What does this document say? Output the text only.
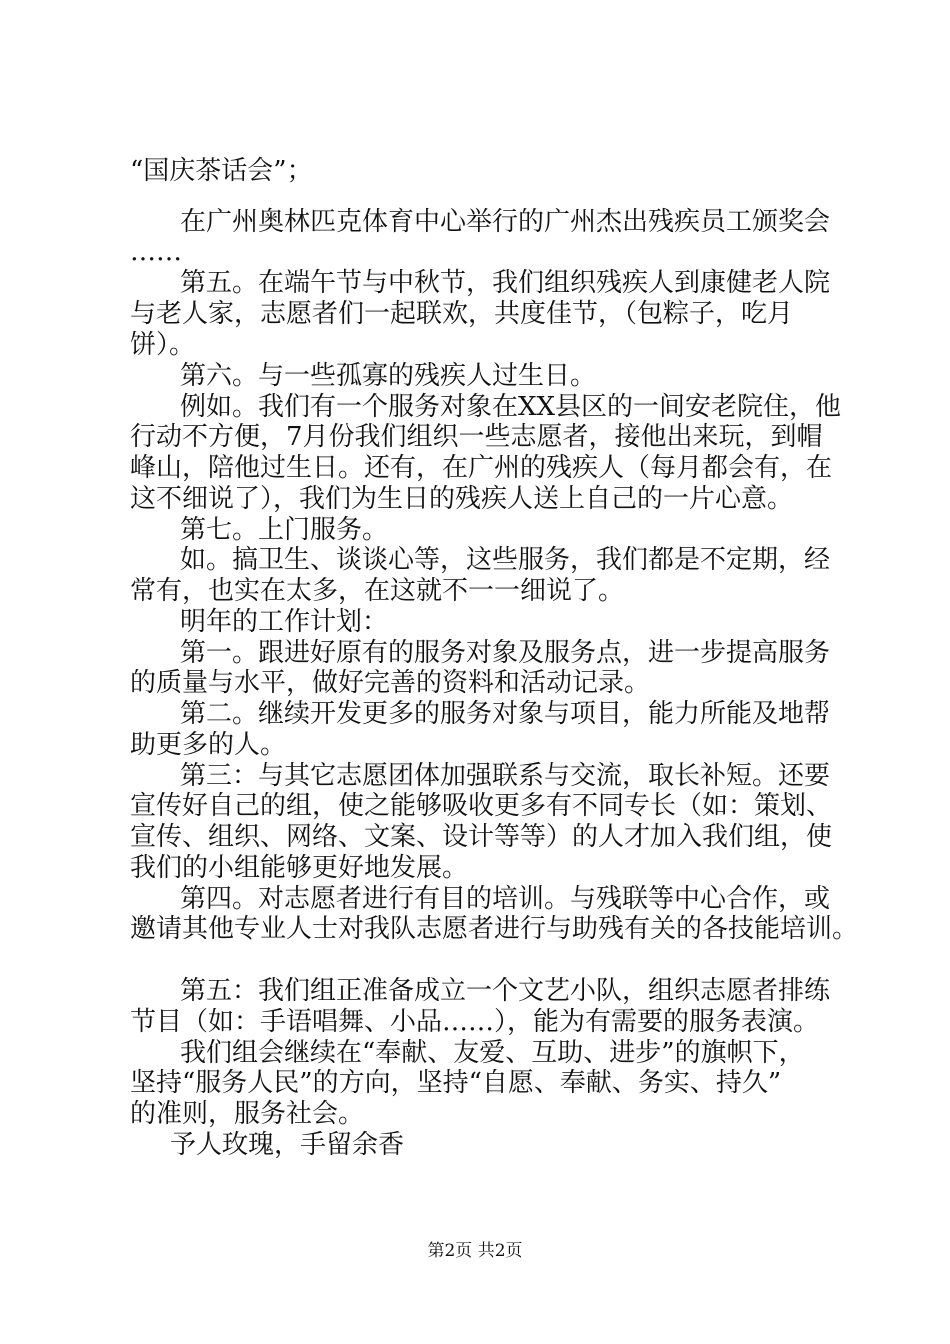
“国庆茶话会”；
在广州奥林匹克体育中心举行的广州杰出残疾员工颁奖会
……
第五。在端午节与中秋节，我们组织残疾人到康健老人院
与老人家，志愿者们一起联欢，共度佳节，（包粽子，吃月
饼）。
第六。与一些孤寡的残疾人过生日。
例如。我们有一个服务对象在XX县区的一间安老院住，他
行动不方便，7月份我们组织一些志愿者，接他出来玩，到帽
峰山，陪他过生日。还有，在广州的残疾人（每月都会有，在
这不细说了），我们为生日的残疾人送上自己的一片心意。
第七。上门服务。
如。搞卫生、谈谈心等，这些服务，我们都是不定期，经
常有，也实在太多，在这就不一一细说了。
明年的工作计划：
第一。跟进好原有的服务对象及服务点，进一步提高服务
的质量与水平，做好完善的资料和活动记录。
第二。继续开发更多的服务对象与项目，能力所能及地帮
助更多的人。
第三：与其它志愿团体加强联系与交流，取长补短。还要
宣传好自己的组，使之能够吸收更多有不同专长（如：策划、
宣传、组织、网络、文案、设计等等）的人才加入我们组，使
我们的小组能够更好地发展。
第四。对志愿者进行有目的培训。与残联等中心合作，或
邀请其他专业人士对我队志愿者进行与助残有关的各技能培训。
第五：我们组正准备成立一个文艺小队，组织志愿者排练
节目（如：手语唱舞、小品……），能为有需要的服务表演。
我们组会继续在“奉献、友爱、互助、进步”的旗帜下，
坚持“服务人民”的方向，坚持“自愿、奉献、务实、持久”
的准则，服务社会。
予人玫瑰，手留余香
第2页 共2页
